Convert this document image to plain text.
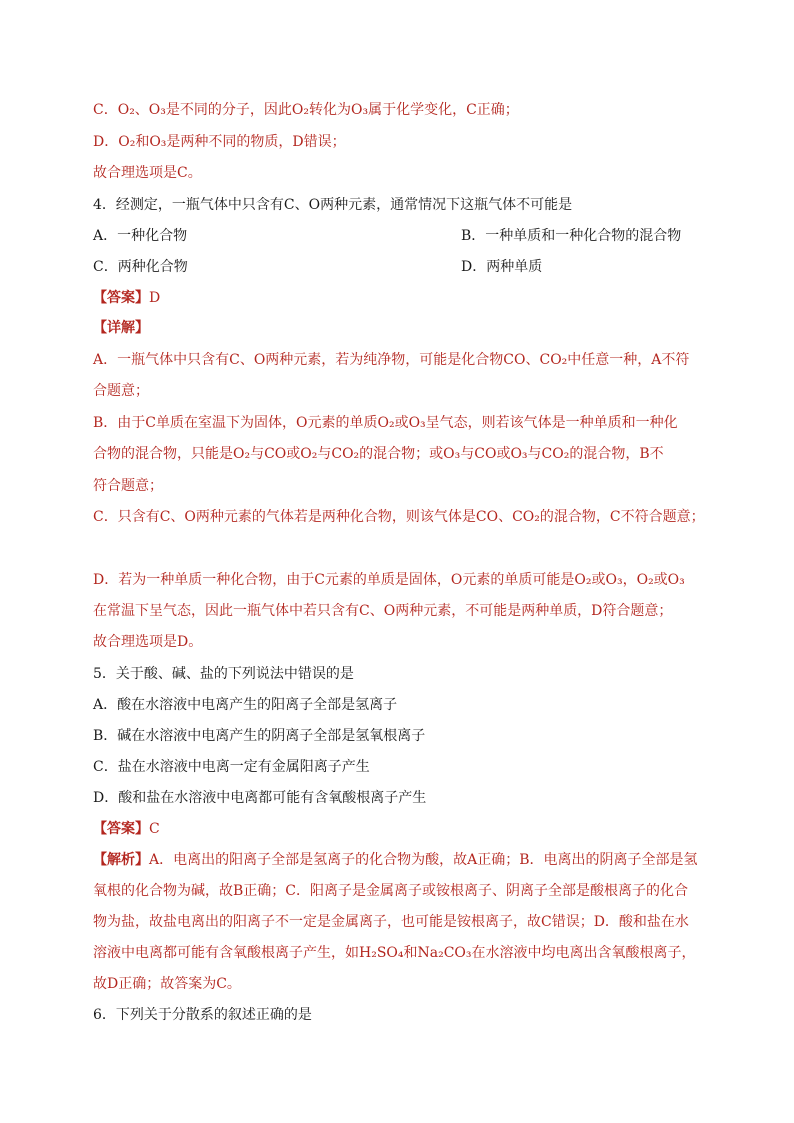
C．O₂、O₃是不同的分子，因此O₂转化为O₃属于化学变化，C正确；
D．O₂和O₃是两种不同的物质，D错误；
故合理选项是C。
4．经测定，一瓶气体中只含有C、O两种元素，通常情况下这瓶气体不可能是
A．一种化合物	B．一种单质和一种化合物的混合物
C．两种化合物	D．两种单质
【答案】D
【详解】
A．一瓶气体中只含有C、O两种元素，若为纯净物，可能是化合物CO、CO₂中任意一种，A不符
合题意；
B．由于C单质在室温下为固体，O元素的单质O₂或O₃呈气态，则若该气体是一种单质和一种化
合物的混合物，只能是O₂与CO或O₂与CO₂的混合物；或O₃与CO或O₃与CO₂的混合物，B不
符合题意；
C．只含有C、O两种元素的气体若是两种化合物，则该气体是CO、CO₂的混合物，C不符合题意；
D．若为一种单质一种化合物，由于C元素的单质是固体，O元素的单质可能是O₂或O₃，O₂或O₃
在常温下呈气态，因此一瓶气体中若只含有C、O两种元素，不可能是两种单质，D符合题意；
故合理选项是D。
5．关于酸、碱、盐的下列说法中错误的是
A．酸在水溶液中电离产生的阳离子全部是氢离子
B．碱在水溶液中电离产生的阴离子全部是氢氧根离子
C．盐在水溶液中电离一定有金属阳离子产生
D．酸和盐在水溶液中电离都可能有含氧酸根离子产生
【答案】C
【解析】A．电离出的阳离子全部是氢离子的化合物为酸，故A正确；B．电离出的阴离子全部是氢
氧根的化合物为碱，故B正确；C．阳离子是金属离子或铵根离子、阴离子全部是酸根离子的化合
物为盐，故盐电离出的阳离子不一定是金属离子，也可能是铵根离子，故C错误；D．酸和盐在水
溶液中电离都可能有含氧酸根离子产生，如H₂SO₄和Na₂CO₃在水溶液中均电离出含氧酸根离子，
故D正确；故答案为C。
6．下列关于分散系的叙述正确的是
